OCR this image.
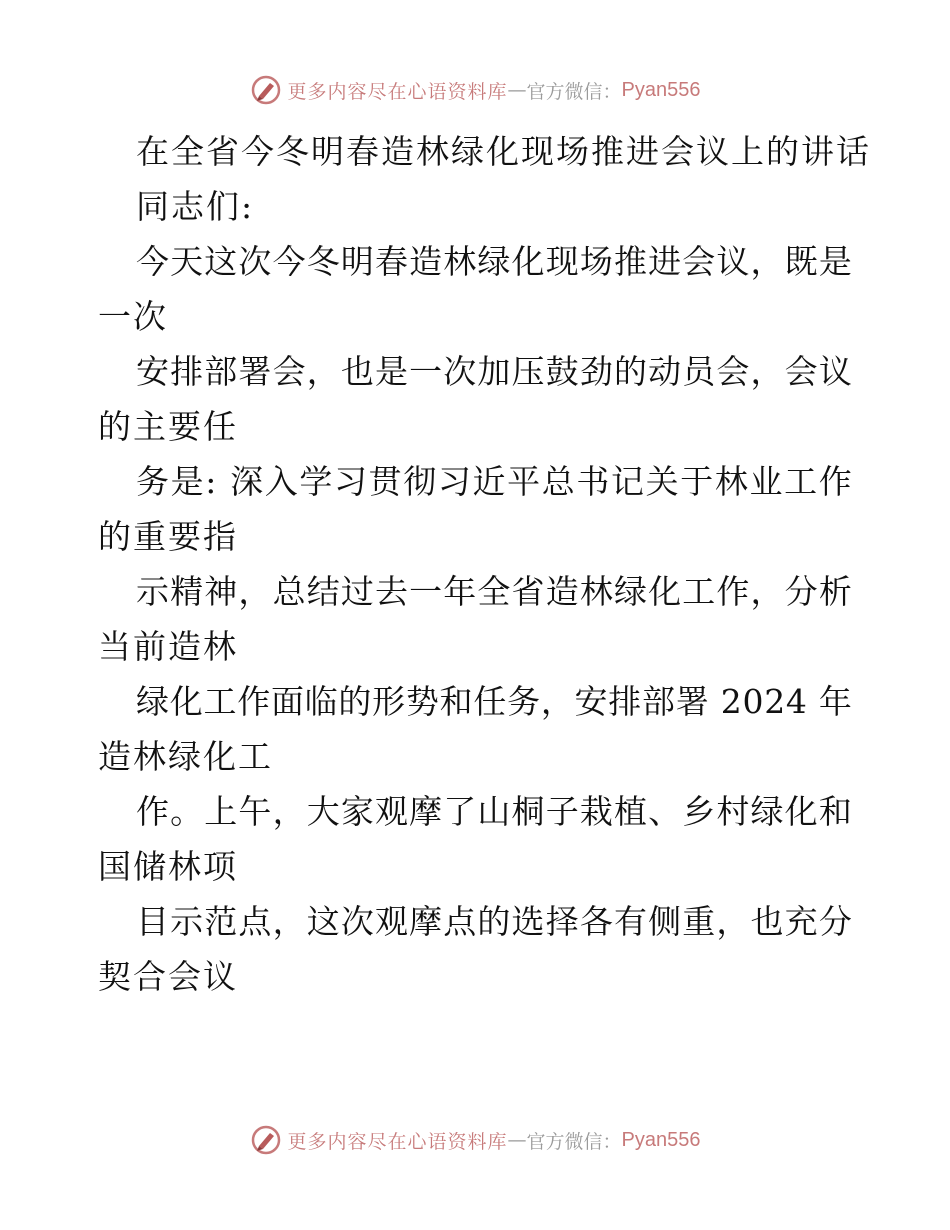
更多内容尽在心语资料库 — 官方微信： Pyan556
在全省今冬明春造林绿化现场推进会议上的讲话
同志们:
今 天 这 次 今 冬 明 春 造 林 绿 化 现 场 推 进 会 议 ， 既 是
一次
安 排 部 署 会 ， 也 是 一 次 加 压 鼓 劲 的 动 员 会 ， 会 议
的主要任
务 是 :
深 入 学 习 贯 彻 习 近 平 总 书 记 关 于 林 业 工 作
的重要指
示 精 神 ， 总 结 过 去 一 年 全 省 造 林 绿 化 工 作 ， 分 析
当前造林
绿 化 工 作 面 临 的 形 势 和 任 务 ， 安 排 部 署
2 0 2 4
年
造林绿化工
作 。 上 午 ， 大 家 观 摩 了 山 桐 子 栽 植 、 乡 村 绿 化 和
国储林项
目 示 范 点 ， 这 次 观 摩 点 的 选 择 各 有 侧 重 ， 也 充 分
契合会议
更多内容尽在心语资料库 — 官方微信： Pyan556
